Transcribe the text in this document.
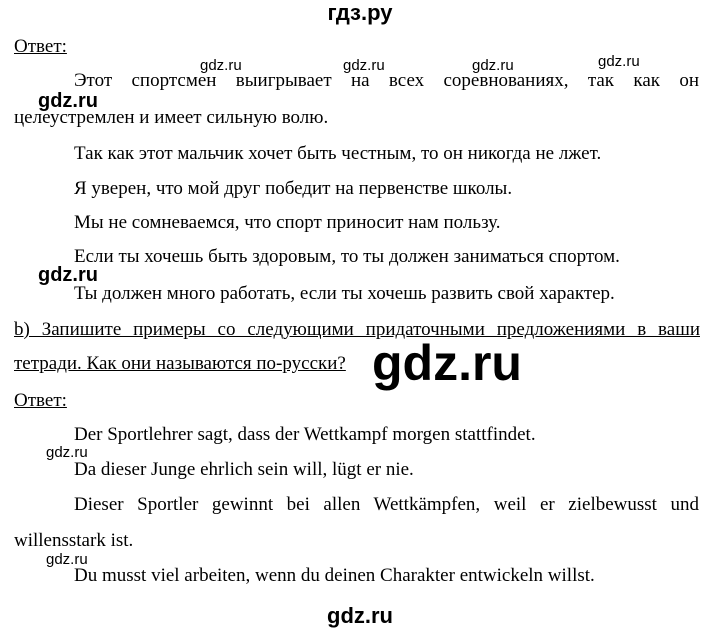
гдз.ру
Ответ:
gdz.ru	gdz.ru	gdz.ru	gdz.ru
Этот спортсмен выигрывает на всех соревнованиях, так как он
gdz.ru
целеустремлен и имеет сильную волю.
Так как этот мальчик хочет быть честным, то он никогда не лжет.
Я уверен, что мой друг победит на первенстве школы.
Мы не сомневаемся, что спорт приносит нам пользу.
Если ты хочешь быть здоровым, то ты должен заниматься спортом.
gdz.ru
Ты должен много работать, если ты хочешь развить свой характер.
b) Запишите примеры со следующими придаточными предложениями в ваши
тетради. Как они называются по-русски? gdz.ru
Ответ:
Der Sportlehrer sagt, dass der Wettkampf morgen stattfindet.
gdz.ru
Da dieser Junge ehrlich sein will, lügt er nie.
Dieser Sportler gewinnt bei allen Wettkämpfen, weil er zielbewusst und
willensstark ist.
gdz.ru
Du musst viel arbeiten, wenn du deinen Charakter entwickeln willst.
gdz.ru
